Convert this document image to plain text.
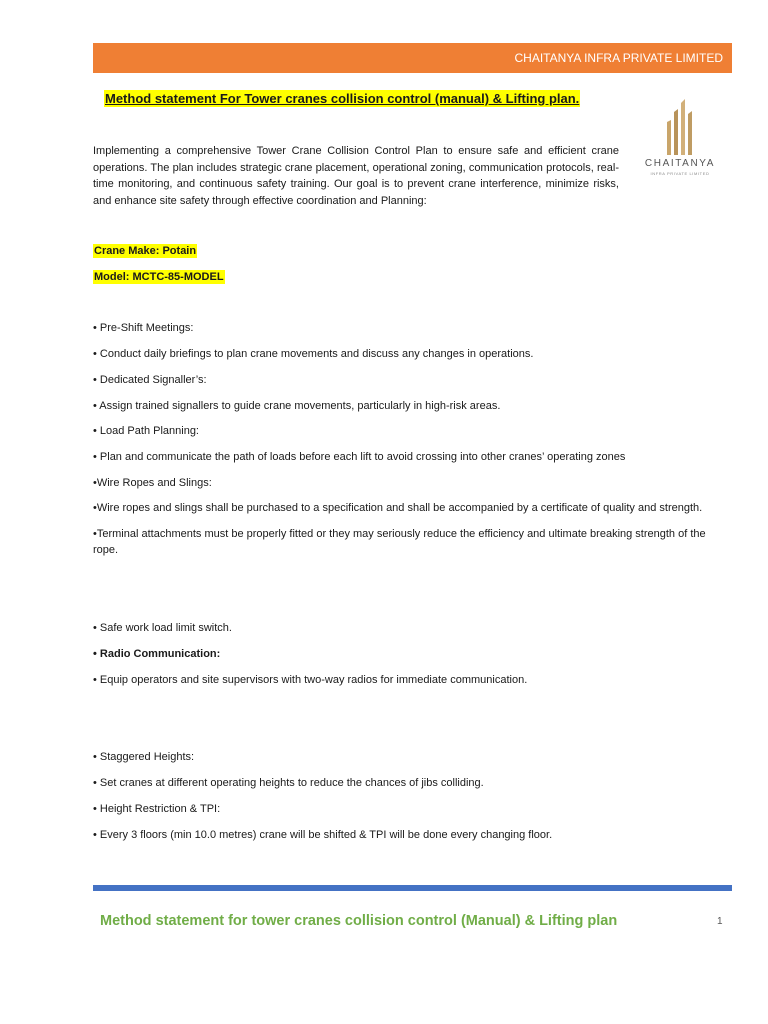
CHAITANYA INFRA PRIVATE LIMITED
Method statement For Tower cranes collision control (manual) & Lifting plan.
CHAITANYA
INFRA PRIVATE LIMITED

Implementing a comprehensive Tower Crane Collision Control Plan to ensure safe and efficient crane operations. The plan includes strategic crane placement, operational zoning, communication protocols, real-time monitoring, and continuous safety training. Our goal is to prevent crane interference, minimize risks, and enhance site safety through effective coordination and Planning:

Crane Make: Potain
Model: MCTC-85-MODEL

• Pre-Shift Meetings:

• Conduct daily briefings to plan crane movements and discuss any changes in operations.

• Dedicated Signaller’s:

• Assign trained signallers to guide crane movements, particularly in high-risk areas.

• Load Path Planning:

• Plan and communicate the path of loads before each lift to avoid crossing into other cranes’ operating zones

•Wire Ropes and Slings:

•Wire ropes and slings shall be purchased to a specification and shall be accompanied by a certificate of quality and strength.

•Terminal attachments must be properly fitted or they may seriously reduce the efficiency and ultimate breaking strength of the rope.

• Safe work load limit switch.

• Radio Communication:

• Equip operators and site supervisors with two-way radios for immediate communication.

• Staggered Heights:

• Set cranes at different operating heights to reduce the chances of jibs colliding.

• Height Restriction & TPI:

• Every 3 floors (min 10.0 metres) crane will be shifted & TPI will be done every changing floor.

Method statement for tower cranes collision control (Manual) & Lifting plan	1
